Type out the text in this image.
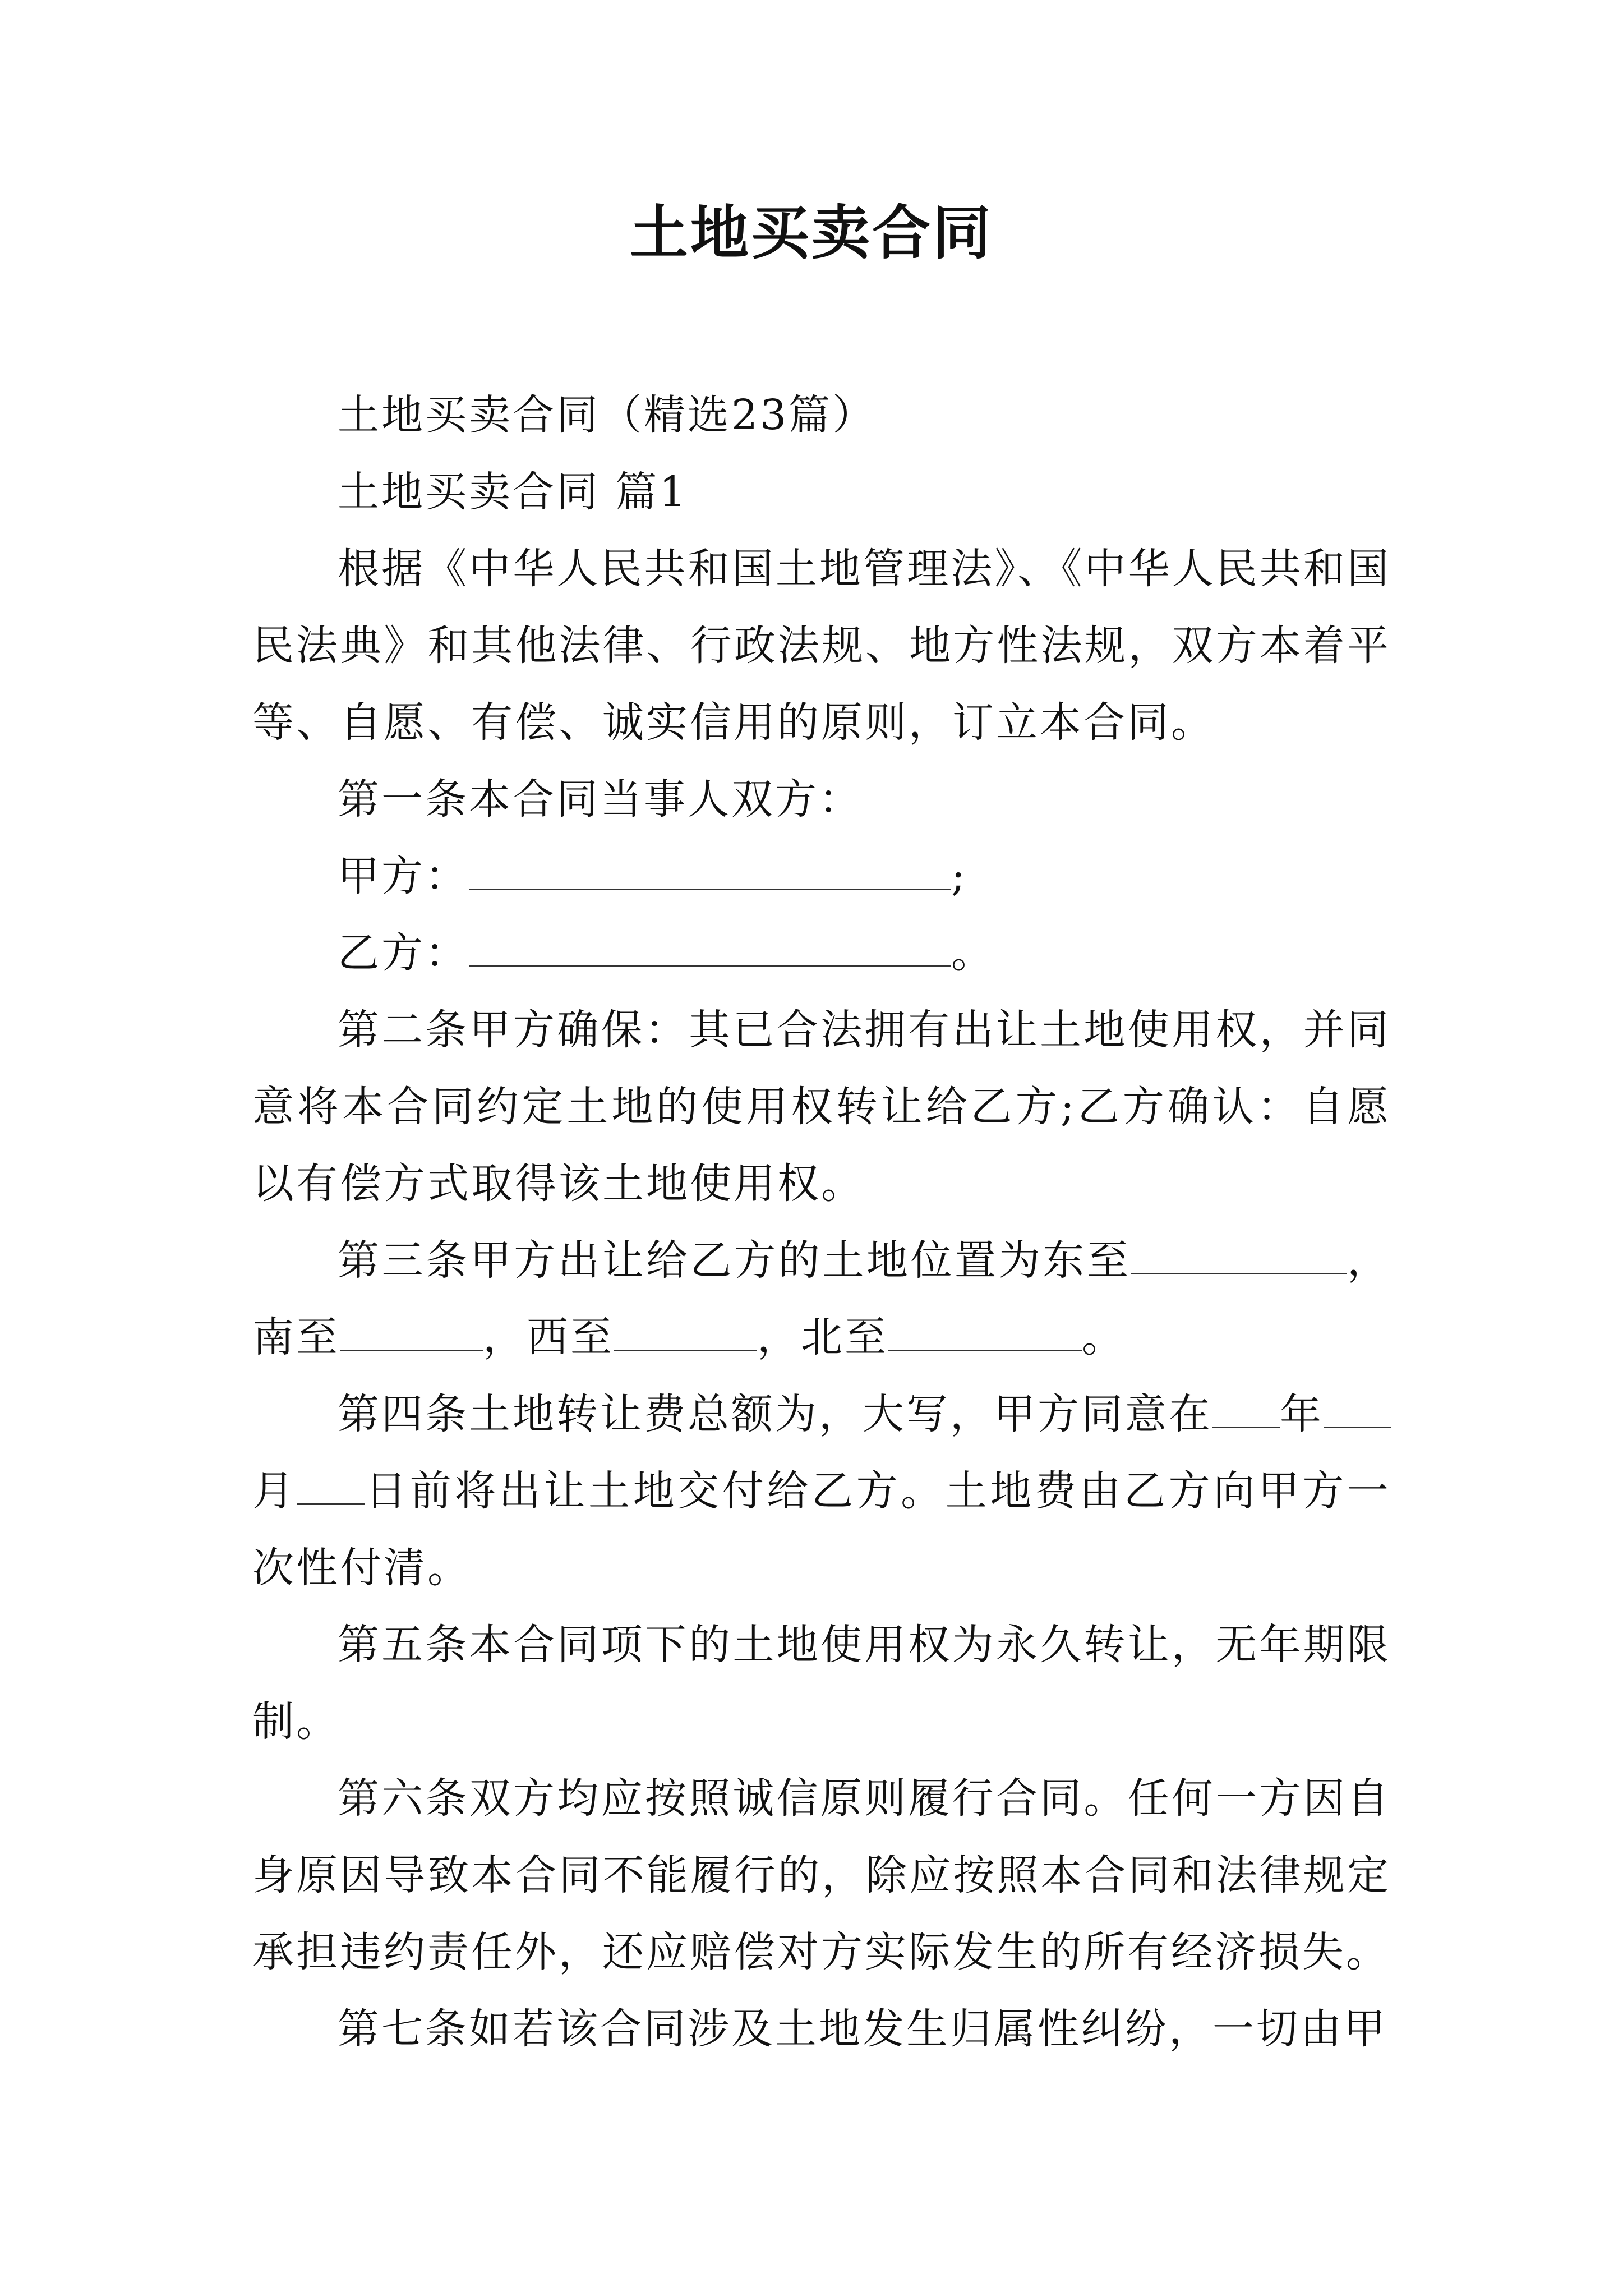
土地买卖合同

土地买卖合同（精选23篇）

土地买卖合同 篇1

根据《中华人民共和国土地管理法》、《中华人民共和国民法典》和其他法律、行政法规、地方性法规，双方本着平等、自愿、有偿、诚实信用的原则，订立本合同。

第一条本合同当事人双方：

甲方：	;

乙方：	。

第二条甲方确保：其已合法拥有出让土地使用权，并同意将本合同约定土地的使用权转让给乙方;乙方确认：自愿以有偿方式取得该土地使用权。

第三条甲方出让给乙方的土地位置为东至	，南至	，西至	，北至	。

第四条土地转让费总额为，大写，甲方同意在 年月 日前将出让土地交付给乙方。土地费由乙方向甲方一次性付清。

第五条本合同项下的土地使用权为永久转让，无年期限制。

第六条双方均应按照诚信原则履行合同。任何一方因自身原因导致本合同不能履行的，除应按照本合同和法律规定承担违约责任外，还应赔偿对方实际发生的所有经济损失。

第七条如若该合同涉及土地发生归属性纠纷，一切由甲
